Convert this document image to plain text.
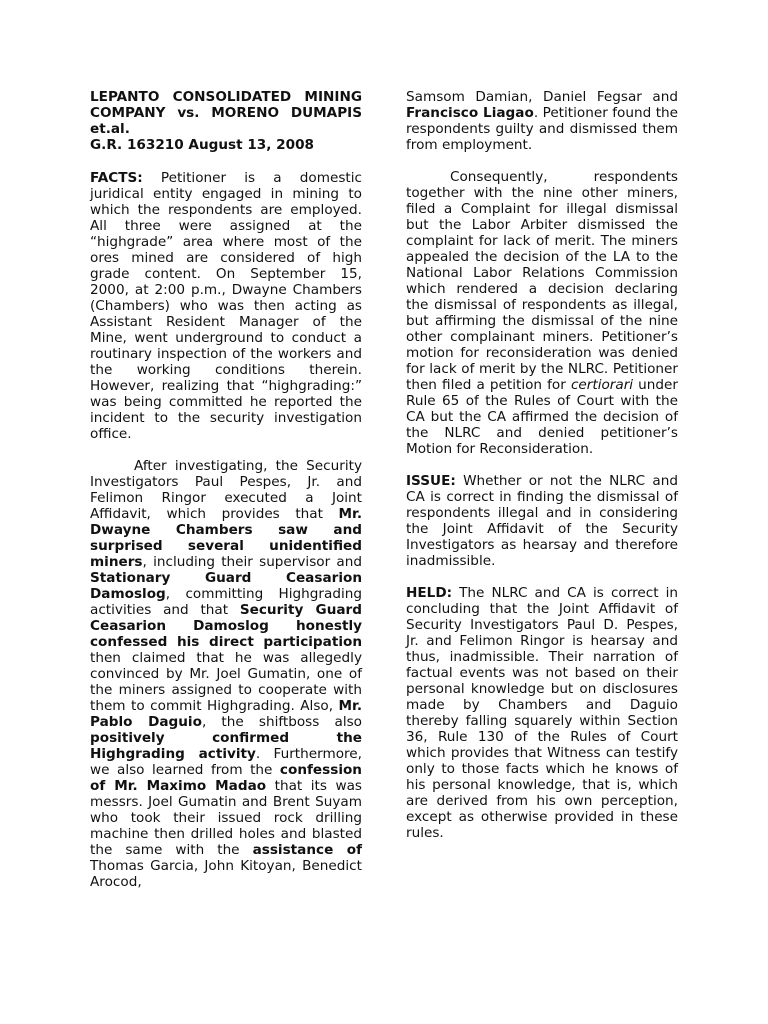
LEPANTO CONSOLIDATED MINING
COMPANY vs. MORENO DUMAPIS
et.al.
G.R. 163210 August 13, 2008

FACTS: Petitioner is a domestic juridical entity engaged in mining to which the respondents are employed. All three were assigned at the “highgrade” area where most of the ores mined are considered of high grade content. On September 15, 2000, at 2:00 p.m., Dwayne Chambers (Chambers) who was then acting as Assistant Resident Manager of the Mine, went underground to conduct a routinary inspection of the workers and the working conditions therein. However, realizing that “highgrading:” was being committed he reported the incident to the security investigation office.

After investigating, the Security Investigators Paul Pespes, Jr. and Felimon Ringor executed a Joint Affidavit, which provides that Mr. Dwayne Chambers saw and surprised several unidentified miners, including their supervisor and Stationary Guard Ceasarion Damoslog, committing Highgrading activities and that Security Guard Ceasarion Damoslog honestly confessed his direct participation then claimed that he was allegedly convinced by Mr. Joel Gumatin, one of the miners assigned to cooperate with them to commit Highgrading. Also, Mr. Pablo Daguio, the shiftboss also positively confirmed the Highgrading activity. Furthermore, we also learned from the confession of Mr. Maximo Madao that its was messrs. Joel Gumatin and Brent Suyam who took their issued rock drilling machine then drilled holes and blasted the same with the assistance of Thomas Garcia, John Kitoyan, Benedict Arocod,

Samsom Damian, Daniel Fegsar and Francisco Liagao. Petitioner found the respondents guilty and dismissed them from employment.

Consequently, respondents together with the nine other miners, filed a Complaint for illegal dismissal but the Labor Arbiter dismissed the complaint for lack of merit. The miners appealed the decision of the LA to the National Labor Relations Commission which rendered a decision declaring the dismissal of respondents as illegal, but affirming the dismissal of the nine other complainant miners. Petitioner’s motion for reconsideration was denied for lack of merit by the NLRC. Petitioner then filed a petition for certiorari under Rule 65 of the Rules of Court with the CA but the CA affirmed the decision of the NLRC and denied petitioner’s Motion for Reconsideration.

ISSUE: Whether or not the NLRC and CA is correct in finding the dismissal of respondents illegal and in considering the Joint Affidavit of the Security Investigators as hearsay and therefore inadmissible.

HELD: The NLRC and CA is correct in concluding that the Joint Affidavit of Security Investigators Paul D. Pespes, Jr. and Felimon Ringor is hearsay and thus, inadmissible. Their narration of factual events was not based on their personal knowledge but on disclosures made by Chambers and Daguio thereby falling squarely within Section 36, Rule 130 of the Rules of Court which provides that Witness can testify only to those facts which he knows of his personal knowledge, that is, which are derived from his own perception, except as otherwise provided in these rules.
